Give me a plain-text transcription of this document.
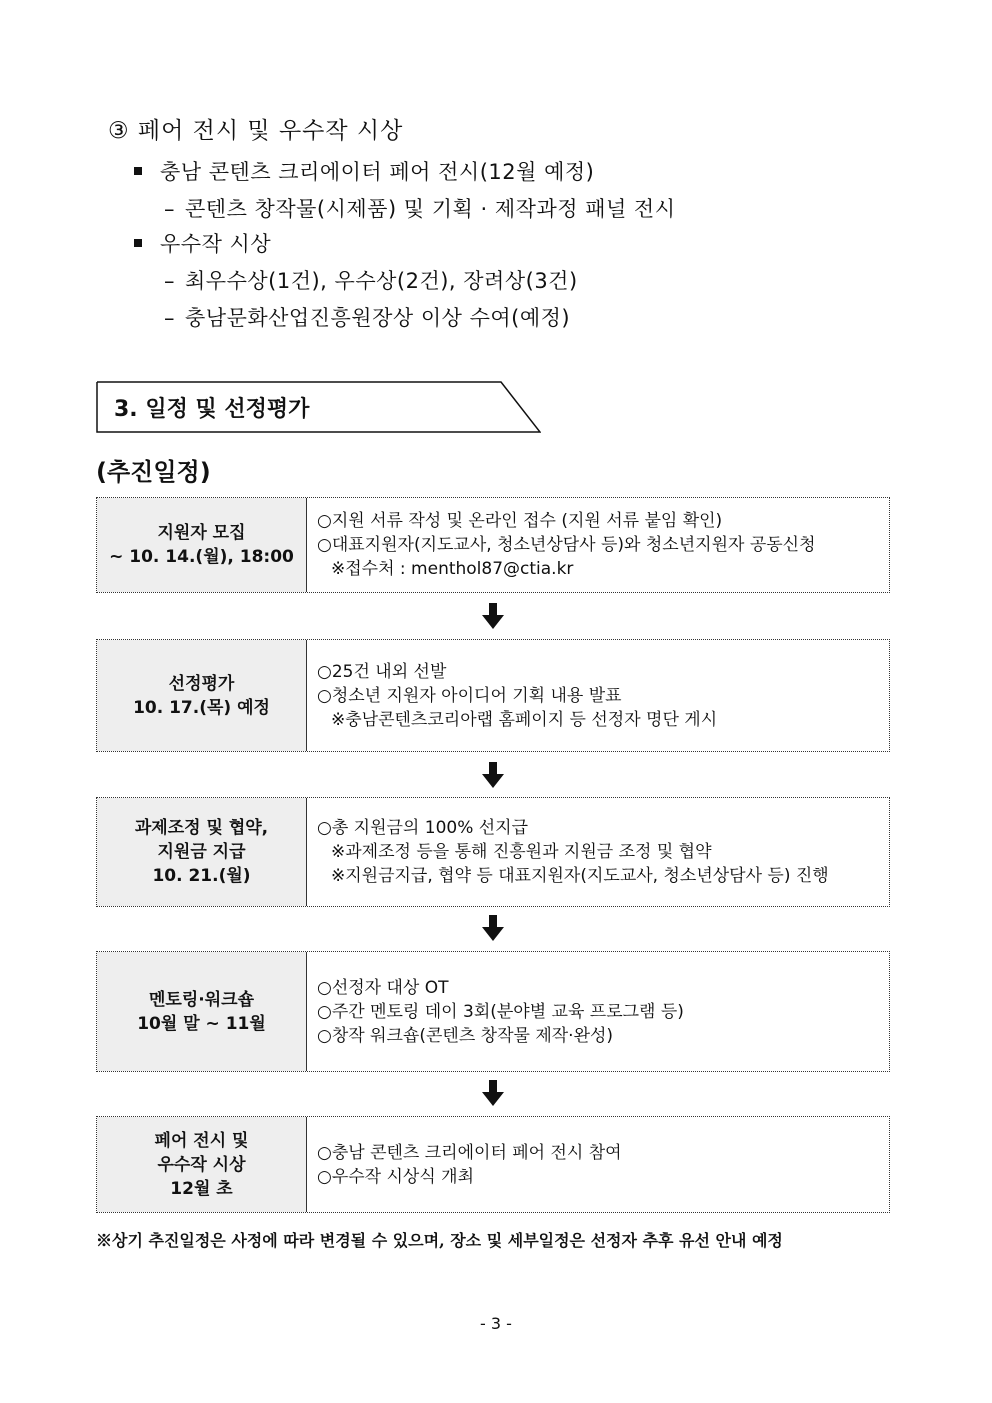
③ 페어 전시 및 우수작 시상
충남 콘텐츠 크리에이터 페어 전시(12월 예정)
– 콘텐츠 창작물(시제품) 및 기획 · 제작과정 패널 전시
우수작 시상
– 최우수상(1건), 우수상(2건), 장려상(3건)
– 충남문화산업진흥원장상 이상 수여(예정)
3. 일정 및 선정평가
(추진일정)
지원자 모집
~ 10. 14.(월), 18:00
○지원 서류 작성 및 온라인 접수 (지원 서류 붙임 확인)
○대표지원자(지도교사, 청소년상담사 등)와 청소년지원자 공동신청
※접수처 : menthol87@ctia.kr
선정평가
10. 17.(목) 예정
○25건 내외 선발
○청소년 지원자 아이디어 기획 내용 발표
※충남콘텐츠코리아랩 홈페이지 등 선정자 명단 게시
과제조정 및 협약,
지원금 지급
10. 21.(월)
○총 지원금의 100% 선지급
※과제조정 등을 통해 진흥원과 지원금 조정 및 협약
※지원금지급, 협약 등 대표지원자(지도교사, 청소년상담사 등) 진행
멘토링·워크숍
10월 말 ~ 11월
○선정자 대상 OT
○주간 멘토링 데이 3회(분야별 교육 프로그램 등)
○창작 워크숍(콘텐츠 창작물 제작·완성)
페어 전시 및
우수작 시상
12월 초
○충남 콘텐츠 크리에이터 페어 전시 참여
○우수작 시상식 개최
※상기 추진일정은 사정에 따라 변경될 수 있으며, 장소 및 세부일정은 선정자 추후 유선 안내 예정
- 3 -
